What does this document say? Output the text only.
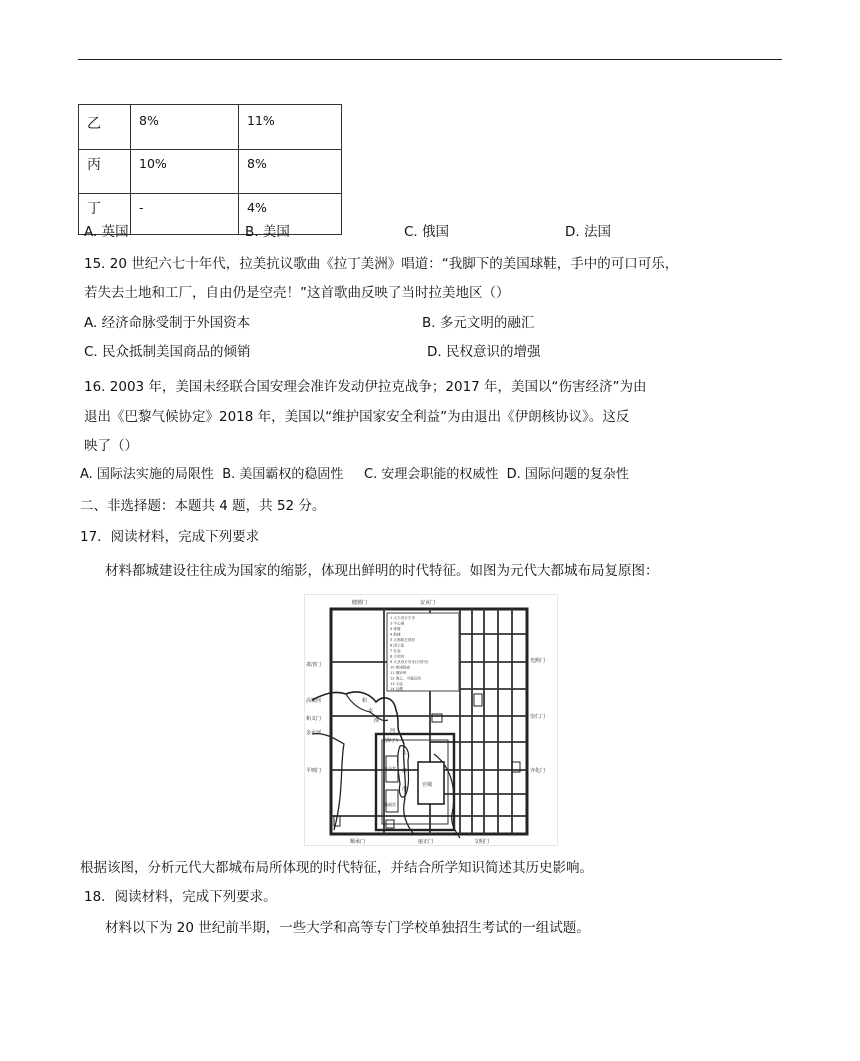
乙	8%	11%
丙	10%	8%
丁	-	4%
A. 英国	B. 美国	C. 俄国	D. 法国
15. 20 世纪六七十年代，拉美抗议歌曲《拉丁美洲》唱道：“我脚下的美国球鞋，手中的可口可乐，
若失去土地和工厂，自由仍是空壳！”这首歌曲反映了当时拉美地区（）
A. 经济命脉受制于外国资本	B. 多元文明的融汇
C. 民众抵制美国商品的倾销	D. 民权意识的增强
16. 2003 年，美国未经联合国安理会准许发动伊拉克战争；2017 年，美国以“伤害经济”为由
退出《巴黎气候协定》2018 年，美国以“维护国家安全利益”为由退出《伊朗核协议》。这反
映了（）
A. 国际法实施的局限性  B. 美国霸权的稳固性     C. 安理会职能的权威性  D. 国际问题的复杂性
二、非选择题：本题共 4 题，共 52 分。
17．阅读材料，完成下列要求
材料都城建设往往成为国家的缩影，体现出鲜明的时代特征。如图为元代大都城布局复原图：
1 大天寿万宁寺
2 中心阁
3 钟楼
4 鼓楼
5 大都路总管府
6 国子监
7 孔庙
8 太和宫
9 大圣寿万安寺(白塔寺)
10 都城隍庙
11 倒钞库
12 海云、可庵双塔
13 太庙
14 社稷
积
水
潭
(海子)
河
太
液
池
宫城
隆福宫
兴圣宫
健德门	安贞门
肃清门
高梁河
和义门
金水河
平则门
光熙门
崇仁门
齐化门
顺承门	丽正门	文明门
根据该图，分析元代大都城布局所体现的时代特征，并结合所学知识简述其历史影响。
18．阅读材料，完成下列要求。
材料以下为 20 世纪前半期，一些大学和高等专门学校单独招生考试的一组试题。
